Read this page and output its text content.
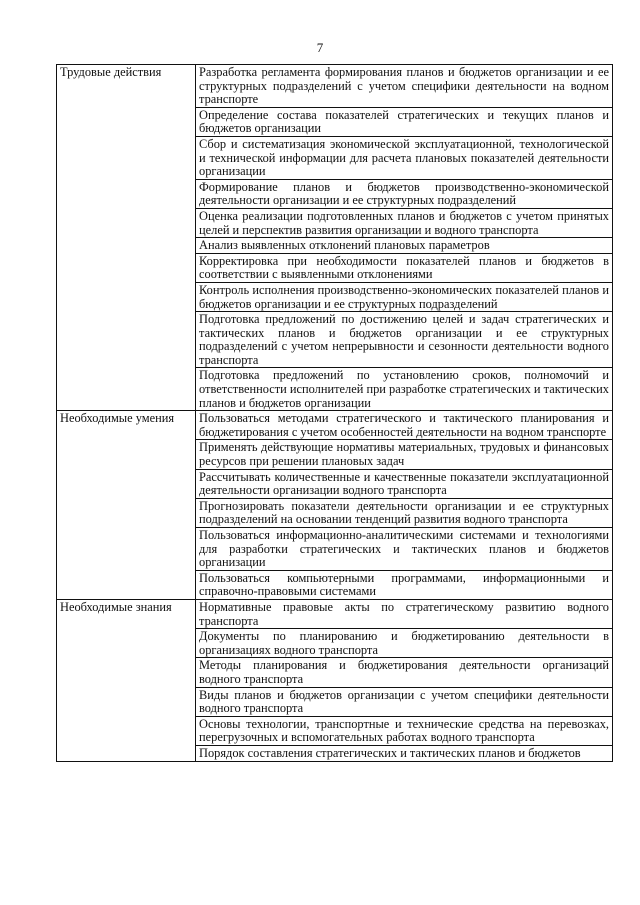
7
Трудовые действия	Разработка регламента формирования планов и бюджетов организации и ее структурных подразделений с учетом специфики деятельности на водном транспорте
	Определение состава показателей стратегических и текущих планов и бюджетов организации
	Сбор и систематизация экономической эксплуатационной, технологической и технической информации для расчета плановых показателей деятельности организации
	Формирование планов и бюджетов производственно-экономической деятельности организации и ее структурных подразделений
	Оценка реализации подготовленных планов и бюджетов с учетом принятых целей и перспектив развития организации и водного транспорта
	Анализ выявленных отклонений плановых параметров
	Корректировка при необходимости показателей планов и бюджетов в соответствии с выявленными отклонениями
	Контроль исполнения производственно-экономических показателей планов и бюджетов организации и ее структурных подразделений
	Подготовка предложений по достижению целей и задач стратегических и тактических планов и бюджетов организации и ее структурных подразделений с учетом непрерывности и сезонности деятельности водного транспорта
	Подготовка предложений по установлению сроков, полномочий и ответственности исполнителей при разработке стратегических и тактических планов и бюджетов организации
Необходимые умения	Пользоваться методами стратегического и тактического планирования и бюджетирования с учетом особенностей деятельности на водном транспорте
	Применять действующие нормативы материальных, трудовых и финансовых ресурсов при решении плановых задач
	Рассчитывать количественные и качественные показатели эксплуатационной деятельности организации водного транспорта
	Прогнозировать показатели деятельности организации и ее структурных подразделений на основании тенденций развития водного транспорта
	Пользоваться информационно-аналитическими системами и технологиями для разработки стратегических и тактических планов и бюджетов организации
	Пользоваться компьютерными программами, информационными и справочно-правовыми системами
Необходимые знания	Нормативные правовые акты по стратегическому развитию водного транспорта
	Документы по планированию и бюджетированию деятельности в организациях водного транспорта
	Методы планирования и бюджетирования деятельности организаций водного транспорта
	Виды планов и бюджетов организации с учетом специфики деятельности водного транспорта
	Основы технологии, транспортные и технические средства на перевозках, перегрузочных и вспомогательных работах водного транспорта
	Порядок составления стратегических и тактических планов и бюджетов
